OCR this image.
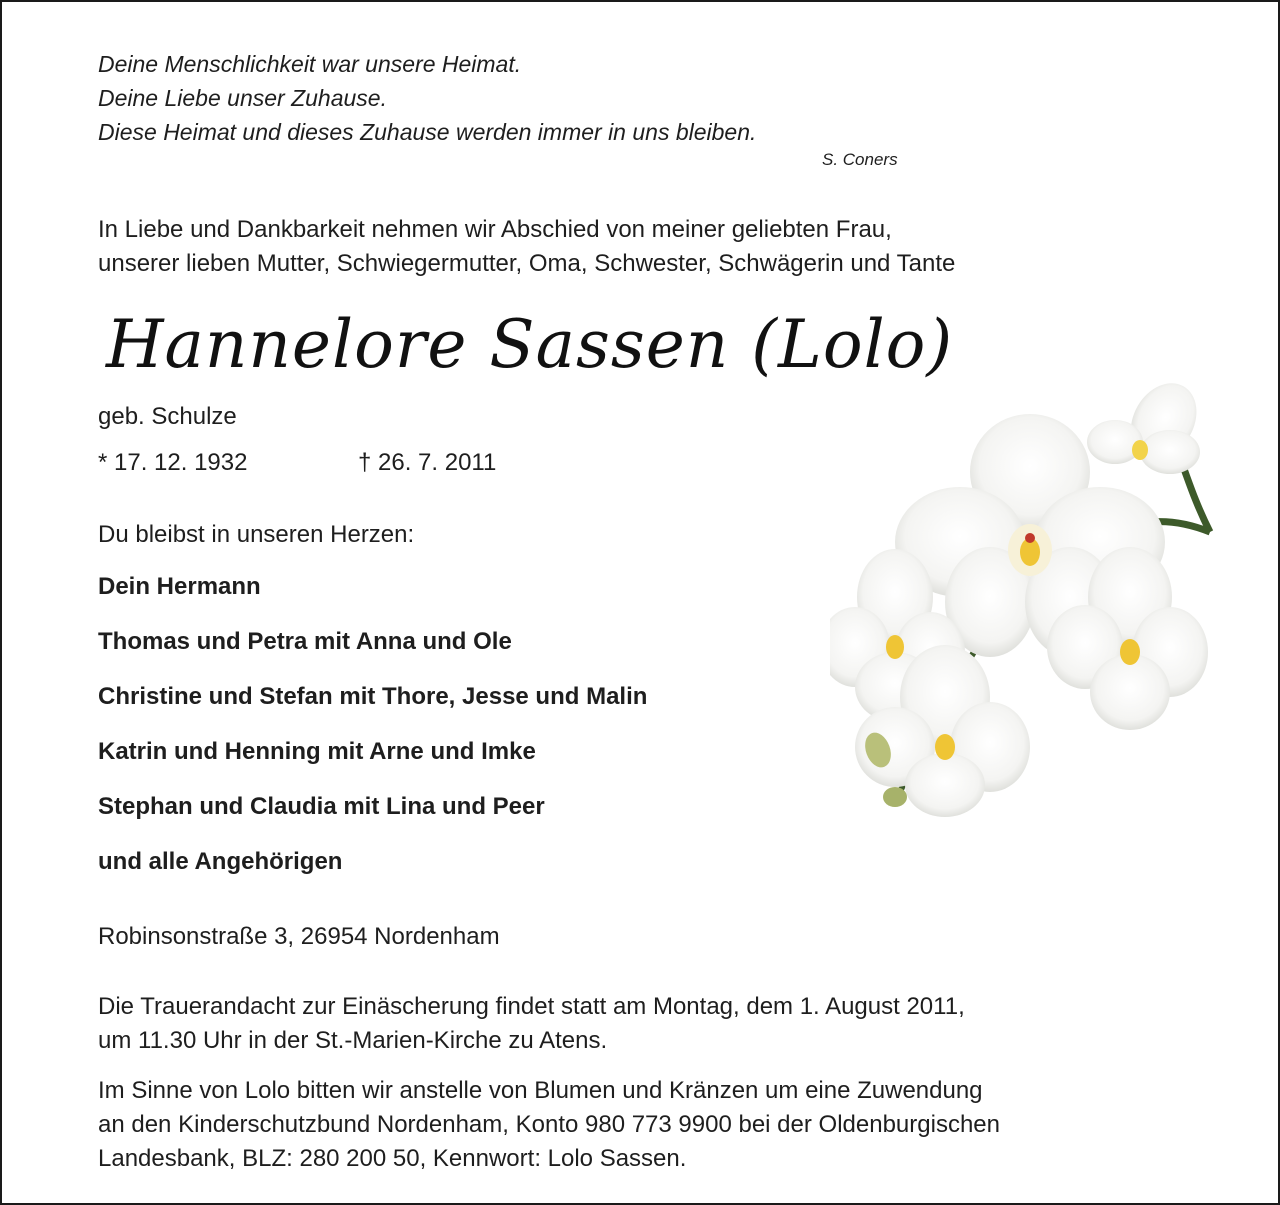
Deine Menschlichkeit war unsere Heimat.
Deine Liebe unser Zuhause.
Diese Heimat und dieses Zuhause werden immer in uns bleiben.
S. Coners
In Liebe und Dankbarkeit nehmen wir Abschied von meiner geliebten Frau,
unserer lieben Mutter, Schwiegermutter, Oma, Schwester, Schwägerin und Tante
Hannelore Sassen (Lolo)
geb. Schulze
* 17. 12. 1932	† 26. 7. 2011
Du bleibst in unseren Herzen:
Dein Hermann
Thomas und Petra mit Anna und Ole
Christine und Stefan mit Thore, Jesse und Malin
Katrin und Henning mit Arne und Imke
Stephan und Claudia mit Lina und Peer
und alle Angehörigen
Robinsonstraße 3, 26954 Nordenham
Die Trauerandacht zur Einäscherung findet statt am Montag, dem 1. August 2011,
um 11.30 Uhr in der St.-Marien-Kirche zu Atens.
Im Sinne von Lolo bitten wir anstelle von Blumen und Kränzen um eine Zuwendung
an den Kinderschutzbund Nordenham, Konto 980 773 9900 bei der Oldenburgischen
Landesbank, BLZ: 280 200 50, Kennwort: Lolo Sassen.
